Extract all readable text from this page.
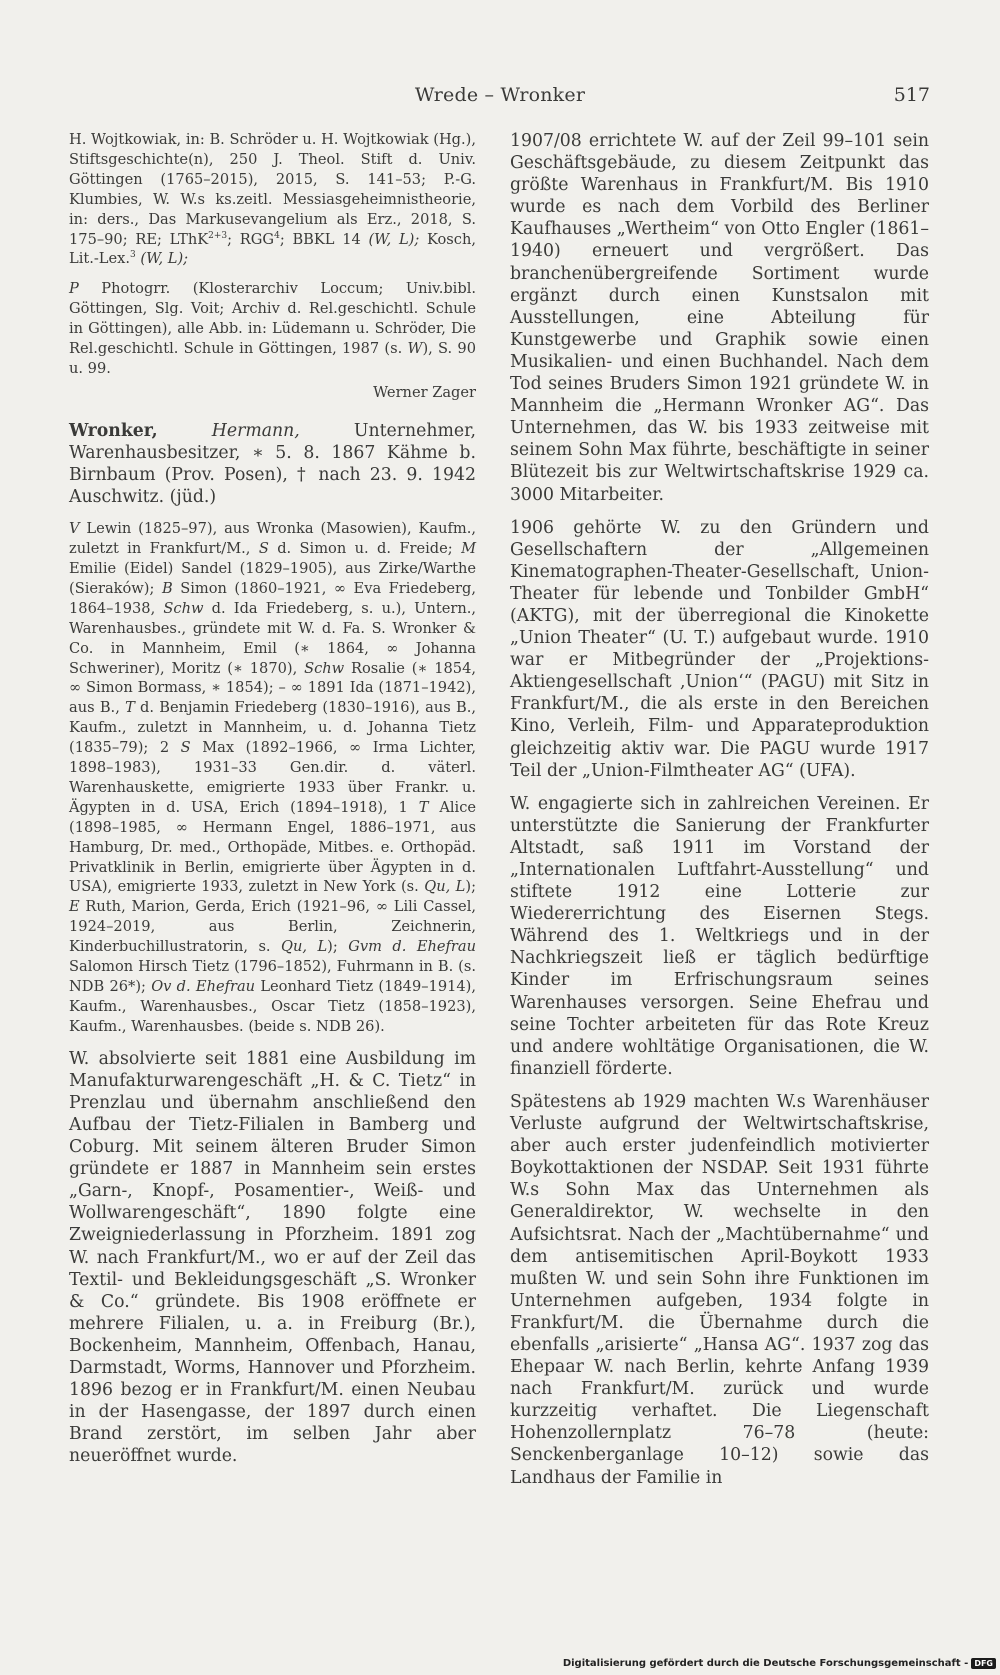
Wrede – Wronker	517

H. Wojtkowiak, in: B. Schröder u. H. Wojtkowiak (Hg.), Stiftsgeschichte(n), 250 J. Theol. Stift d. Univ. Göttingen (1765–2015), 2015, S. 141–53; P.-G. Klumbies, W. W.s ks.zeitl. Messiasgeheimnistheorie, in: ders., Das Markusevangelium als Erz., 2018, S. 175–90; RE; LThK$^{2+3}$; RGG$^4$; BBKL 14 (W, L); Kosch, Lit.-Lex.$^3$ (W, L);

P Photogrr. (Klosterarchiv Loccum; Univ.bibl. Göttingen, Slg. Voit; Archiv d. Rel.geschichtl. Schule in Göttingen), alle Abb. in: Lüdemann u. Schröder, Die Rel.geschichtl. Schule in Göttingen, 1987 (s. W), S. 90 u. 99.

Werner Zager

Wronker,	Hermann, Unternehmer, Warenhausbesitzer, ∗ 5. 8. 1867 Kähme b. Birnbaum (Prov. Posen), † nach 23. 9. 1942 Auschwitz. (jüd.)

V Lewin (1825–97), aus Wronka (Masowien), Kaufm., zuletzt in Frankfurt/M., S d. Simon u. d. Freide; M Emilie (Eidel) Sandel (1829–1905), aus Zirke/Warthe (Sieraków); B Simon (1860–1921, ∞ Eva Friedeberg, 1864–1938, Schw d. Ida Friedeberg, s. u.), Untern., Warenhausbes., gründete mit W. d. Fa. S. Wronker & Co. in Mannheim, Emil (∗ 1864, ∞ Johanna Schweriner), Moritz (∗ 1870), Schw Rosalie (∗ 1854, ∞ Simon Bormass, ∗ 1854); – ∞ 1891 Ida (1871–1942), aus B., T d. Benjamin Friedeberg (1830–1916), aus B., Kaufm., zuletzt in Mannheim, u. d. Johanna Tietz (1835–79); 2 S Max (1892–1966, ∞ Irma Lichter, 1898–1983), 1931–33 Gen.dir. d. väterl. Warenhauskette, emigrierte 1933 über Frankr. u. Ägypten in d. USA, Erich (1894–1918), 1 T Alice (1898–1985, ∞ Hermann Engel, 1886–1971, aus Hamburg, Dr. med., Orthopäde, Mitbes. e. Orthopäd. Privatklinik in Berlin, emigrierte über Ägypten in d. USA), emigrierte 1933, zuletzt in New York (s. Qu, L); E Ruth, Marion, Gerda, Erich (1921–96, ∞ Lili Cassel, 1924–2019, aus Berlin, Zeichnerin, Kinderbuchillustratorin, s. Qu, L); Gvm d. Ehefrau Salomon Hirsch Tietz (1796–1852), Fuhrmann in B. (s. NDB 26*); Ov d. Ehefrau Leonhard Tietz (1849–1914), Kaufm., Warenhausbes., Oscar Tietz (1858–1923), Kaufm., Warenhausbes. (beide s. NDB 26).

W. absolvierte seit 1881 eine Ausbildung im Manufakturwarengeschäft „H. & C. Tietz“ in Prenzlau und übernahm anschließend den Aufbau der Tietz-Filialen in Bamberg und Coburg. Mit seinem älteren Bruder Simon gründete er 1887 in Mannheim sein erstes „Garn-, Knopf-, Posamentier-, Weiß- und Wollwarengeschäft“, 1890 folgte eine Zweigniederlassung in Pforzheim. 1891 zog W. nach Frankfurt/M., wo er auf der Zeil das Textil- und Bekleidungsgeschäft „S. Wronker & Co.“ gründete. Bis 1908 eröffnete er mehrere Filialen, u. a. in Freiburg (Br.), Bockenheim, Mannheim, Offenbach, Hanau, Darmstadt, Worms, Hannover und Pforzheim. 1896 bezog er in Frankfurt/M. einen Neubau in der Hasengasse, der 1897 durch einen Brand zerstört, im selben Jahr aber neueröffnet wurde.

1907/08 errichtete W. auf der Zeil 99–101 sein Geschäftsgebäude, zu diesem Zeitpunkt das größte Warenhaus in Frankfurt/M. Bis 1910 wurde es nach dem Vorbild des Berliner Kaufhauses „Wertheim“ von Otto Engler (1861–1940) erneuert und vergrößert. Das branchenübergreifende Sortiment wurde ergänzt durch einen Kunstsalon mit Ausstellungen, eine Abteilung für Kunstgewerbe und Graphik sowie einen Musikalien- und einen Buchhandel. Nach dem Tod seines Bruders Simon 1921 gründete W. in Mannheim die „Hermann Wronker AG“. Das Unternehmen, das W. bis 1933 zeitweise mit seinem Sohn Max führte, beschäftigte in seiner Blütezeit bis zur Weltwirtschaftskrise 1929 ca. 3000 Mitarbeiter.

1906 gehörte W. zu den Gründern und Gesellschaftern der „Allgemeinen Kinematographen-Theater-Gesellschaft, Union-Theater für lebende und Tonbilder GmbH“ (AKTG), mit der überregional die Kinokette „Union Theater“ (U. T.) aufgebaut wurde. 1910 war er Mitbegründer der „Projektions-Aktiengesellschaft ‚Union‘“ (PAGU) mit Sitz in Frankfurt/M., die als erste in den Bereichen Kino, Verleih, Film- und Apparateproduktion gleichzeitig aktiv war. Die PAGU wurde 1917 Teil der „Union-Filmtheater AG“ (UFA).

W. engagierte sich in zahlreichen Vereinen. Er unterstützte die Sanierung der Frankfurter Altstadt, saß 1911 im Vorstand der „Internationalen Luftfahrt-Ausstellung“ und stiftete 1912 eine Lotterie zur Wiedererrichtung des Eisernen Stegs. Während des 1. Weltkriegs und in der Nachkriegszeit ließ er täglich bedürftige Kinder im Erfrischungsraum seines Warenhauses versorgen. Seine Ehefrau und seine Tochter arbeiteten für das Rote Kreuz und andere wohltätige Organisationen, die W. finanziell förderte.

Spätestens ab 1929 machten W.s Warenhäuser Verluste aufgrund der Weltwirtschaftskrise, aber auch erster judenfeindlich motivierter Boykottaktionen der NSDAP. Seit 1931 führte W.s Sohn Max das Unternehmen als Generaldirektor, W. wechselte in den Aufsichtsrat. Nach der „Machtübernahme“ und dem antisemitischen April-Boykott 1933 mußten W. und sein Sohn ihre Funktionen im Unternehmen aufgeben, 1934 folgte in Frankfurt/M. die Übernahme durch die ebenfalls „arisierte“ „Hansa AG“. 1937 zog das Ehepaar W. nach Berlin, kehrte Anfang 1939 nach Frankfurt/M. zurück und wurde kurzzeitig verhaftet. Die Liegenschaft Hohenzollernplatz 76–78 (heute: Senckenberganlage 10–12) sowie das Landhaus der Familie in

Digitalisierung gefördert durch die Deutsche Forschungsgemeinschaft - DFG
